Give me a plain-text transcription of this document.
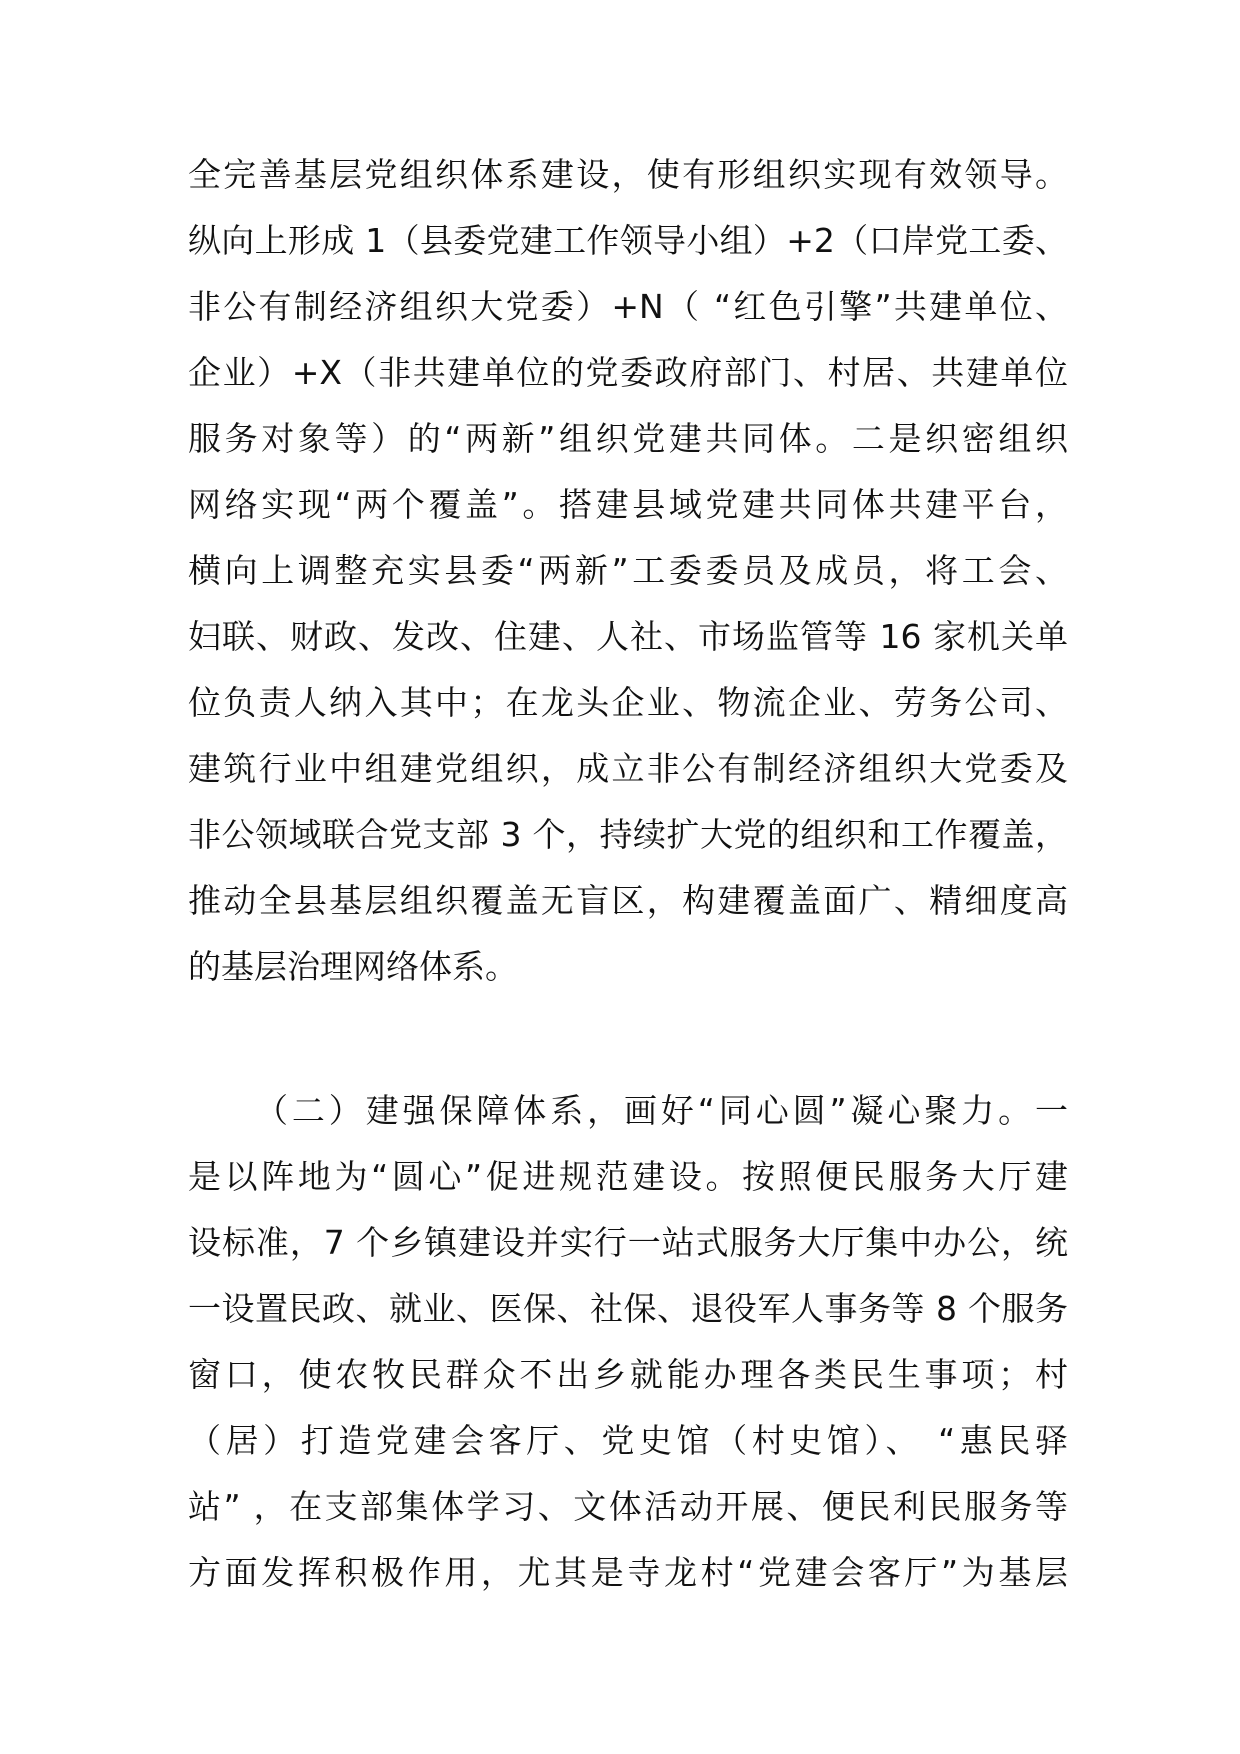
全完善基层党组织体系建设，使有形组织实现有效领导。
纵向上形成 1（县委党建工作领导小组）+2（口岸党工委、
非公有制经济组织大党委）+N（ “红色引擎”共建单位、
企业）+X（非共建单位的党委政府部门、村居、共建单位
服务对象等）的“两新”组织党建共同体。二是织密组织
网络实现“两个覆盖”。搭建县域党建共同体共建平台，
横向上调整充实县委“两新”工委委员及成员，将工会、
妇联、财政、发改、住建、人社、市场监管等 16 家机关单
位负责人纳入其中；在龙头企业、物流企业、劳务公司、
建筑行业中组建党组织，成立非公有制经济组织大党委及
非公领域联合党支部 3 个，持续扩大党的组织和工作覆盖，
推动全县基层组织覆盖无盲区，构建覆盖面广、精细度高
的基层治理网络体系。
（二）建强保障体系，画好“同心圆”凝心聚力。一
是以阵地为“圆心”促进规范建设。按照便民服务大厅建
设标准，7 个乡镇建设并实行一站式服务大厅集中办公，统
一设置民政、就业、医保、社保、退役军人事务等 8 个服务
窗口，使农牧民群众不出乡就能办理各类民生事项；村
（居）打造党建会客厅、党史馆（村史馆）、 “惠民驿
站” ，在支部集体学习、文体活动开展、便民利民服务等
方面发挥积极作用，尤其是寺龙村“党建会客厅”为基层
